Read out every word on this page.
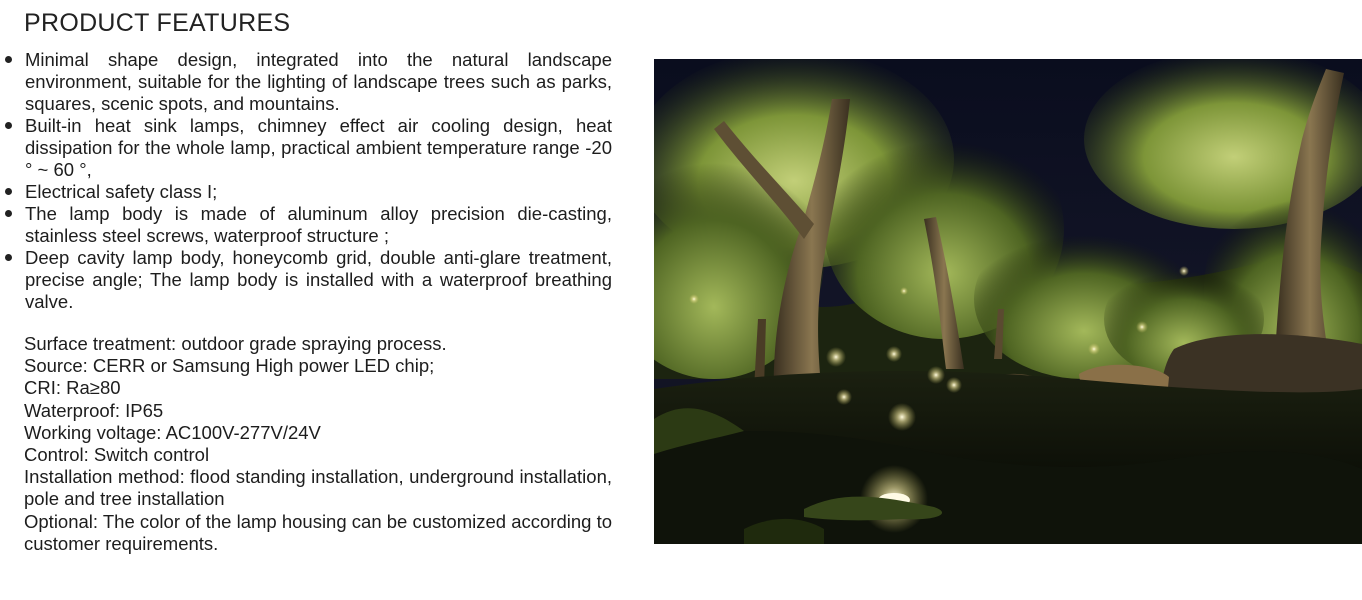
PRODUCT FEATURES
Minimal shape design, integrated into the natural landscape environment, suitable for the lighting of landscape trees such as parks, squares, scenic spots, and mountains.
Built-in heat sink lamps, chimney effect air cooling design, heat dissipation for the whole lamp, practical ambient temperature range -20 ° ~ 60 °,
Electrical safety class I;
The lamp body is made of aluminum alloy precision die-casting, stainless steel screws, waterproof structure ;
Deep cavity lamp body, honeycomb grid, double anti-glare treatment, precise angle; The lamp body is installed with a waterproof breathing valve.

Surface treatment: outdoor grade spraying process.

Source: CERR or Samsung High power LED chip;

CRI: Ra≥80

Waterproof: IP65

Working voltage: AC100V-277V/24V

Control: Switch control

Installation method: flood standing installation, underground installation, pole and tree installation

Optional: The color of the lamp housing can be customized according to customer requirements.
